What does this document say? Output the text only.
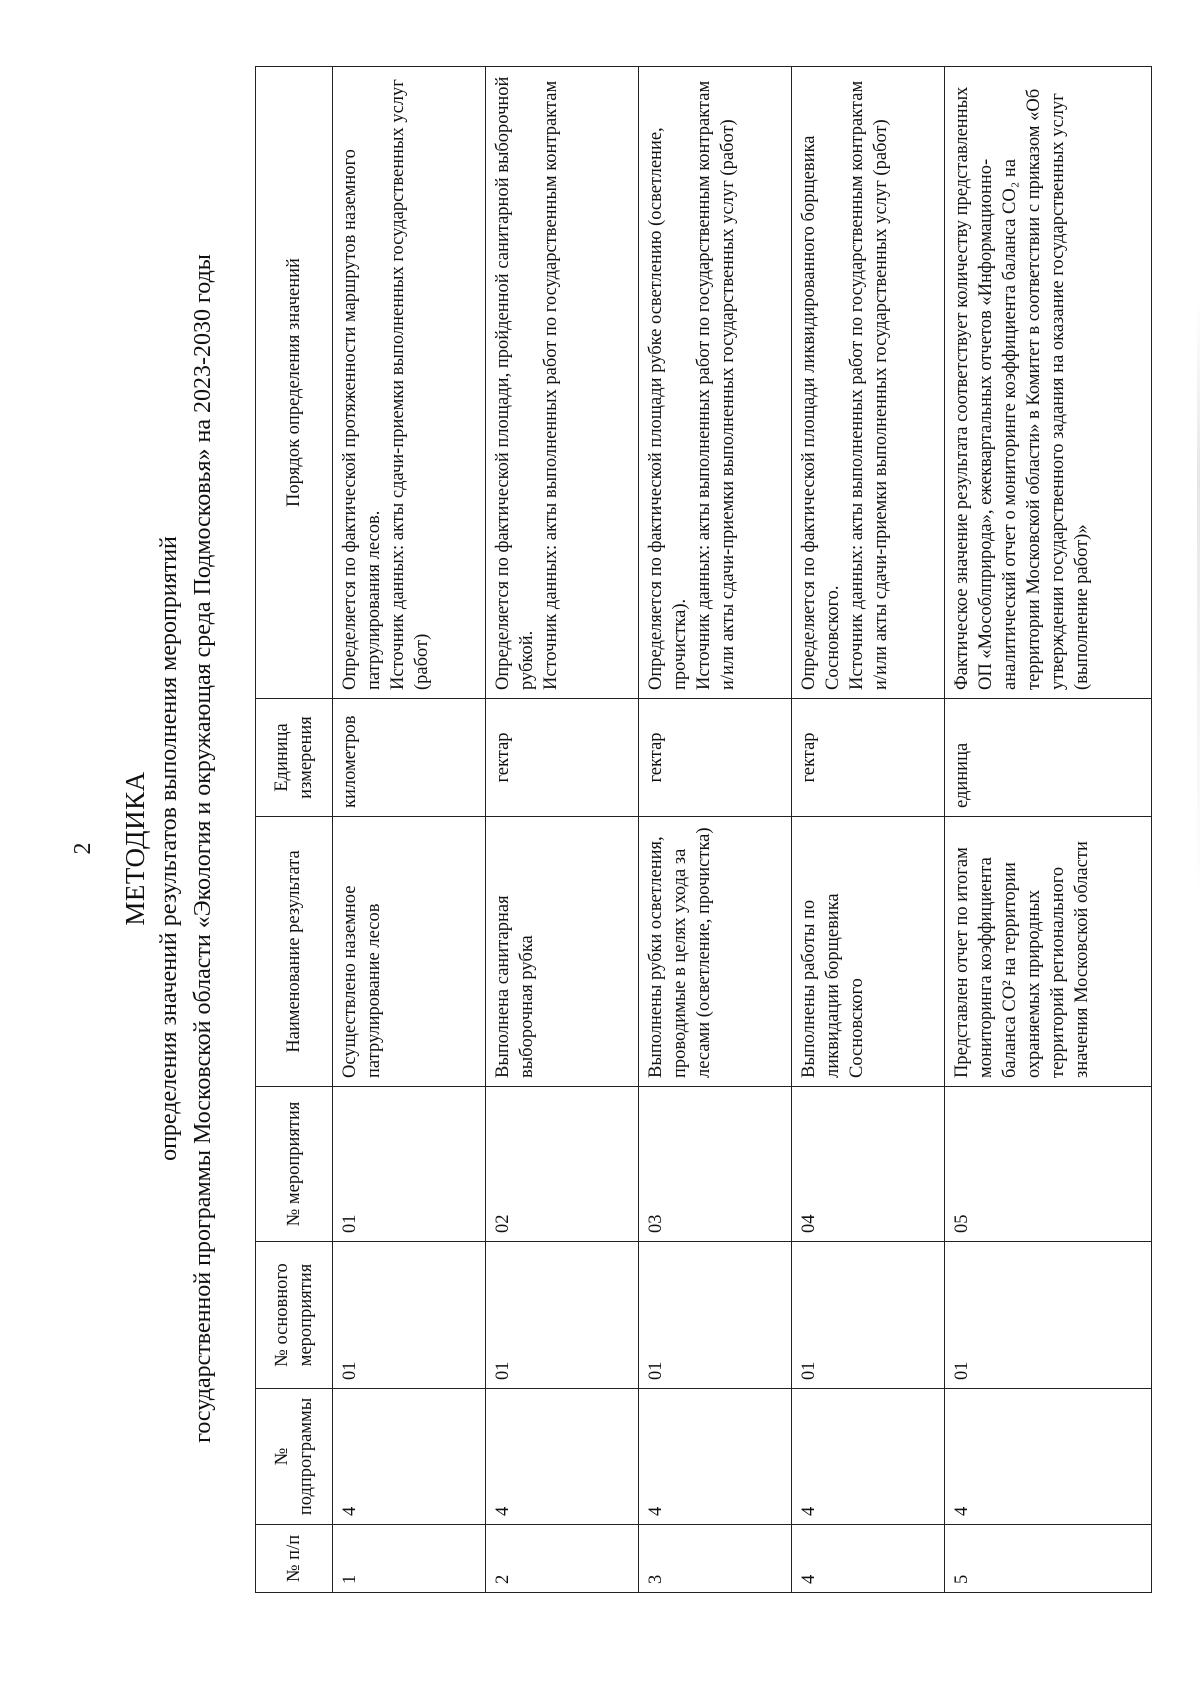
2 МЕТОДИКА определения значений результатов выполнения мероприятий государственной программы Московской области «Экология и окружающая среда Подмосковья» на 2023-2030 годы
№ п/п	№ подпрограммы	№ основного мероприятия	№ мероприятия	Наименование результата	Единица измерения	Порядок определения значений
1	4	01	01	Осуществлено наземное патрулирование лесов	километров	Определяется по фактической протяженности маршрутов наземного патрулирования лесов.
Источник данных: акты сдачи-приемки выполненных государственных услуг (работ)
2	4	01	02	Выполнена санитарная выборочная рубка	гектар	Определяется по фактической площади, пройденной санитарной выборочной рубкой.
Источник данных: акты выполненных работ по государственным контрактам
3	4	01	03	Выполнены рубки осветления, проводимые в целях ухода за лесами (осветление, прочистка)	гектар	Определяется по фактической площади рубке осветлению (осветление, прочистка).
Источник данных: акты выполненных работ по государственным контрактам и/или акты сдачи-приемки выполненных государственных услуг (работ)
4	4	01	04	Выполнены работы по ликвидации борщевика Сосновского	гектар	Определяется по фактической площади ликвидированного борщевика Сосновского.
Источник данных: акты выполненных работ по государственным контрактам и/или акты сдачи-приемки выполненных государственных услуг (работ)
5	4	01	05	Представлен отчет по итогам мониторинга коэффициента баланса CO² на территории охраняемых природных территорий регионального значения Московской области	единица	Фактическое значение результата соответствует количеству представленных ОП «Мособлприрода», ежеквартальных отчетов «Информационно-аналитический отчет о мониторинге коэффициента баланса CO₂ на территории Московской области» в Комитет в соответствии с приказом «Об утверждении государственного задания на оказание государственных услуг (выполнение работ)»
